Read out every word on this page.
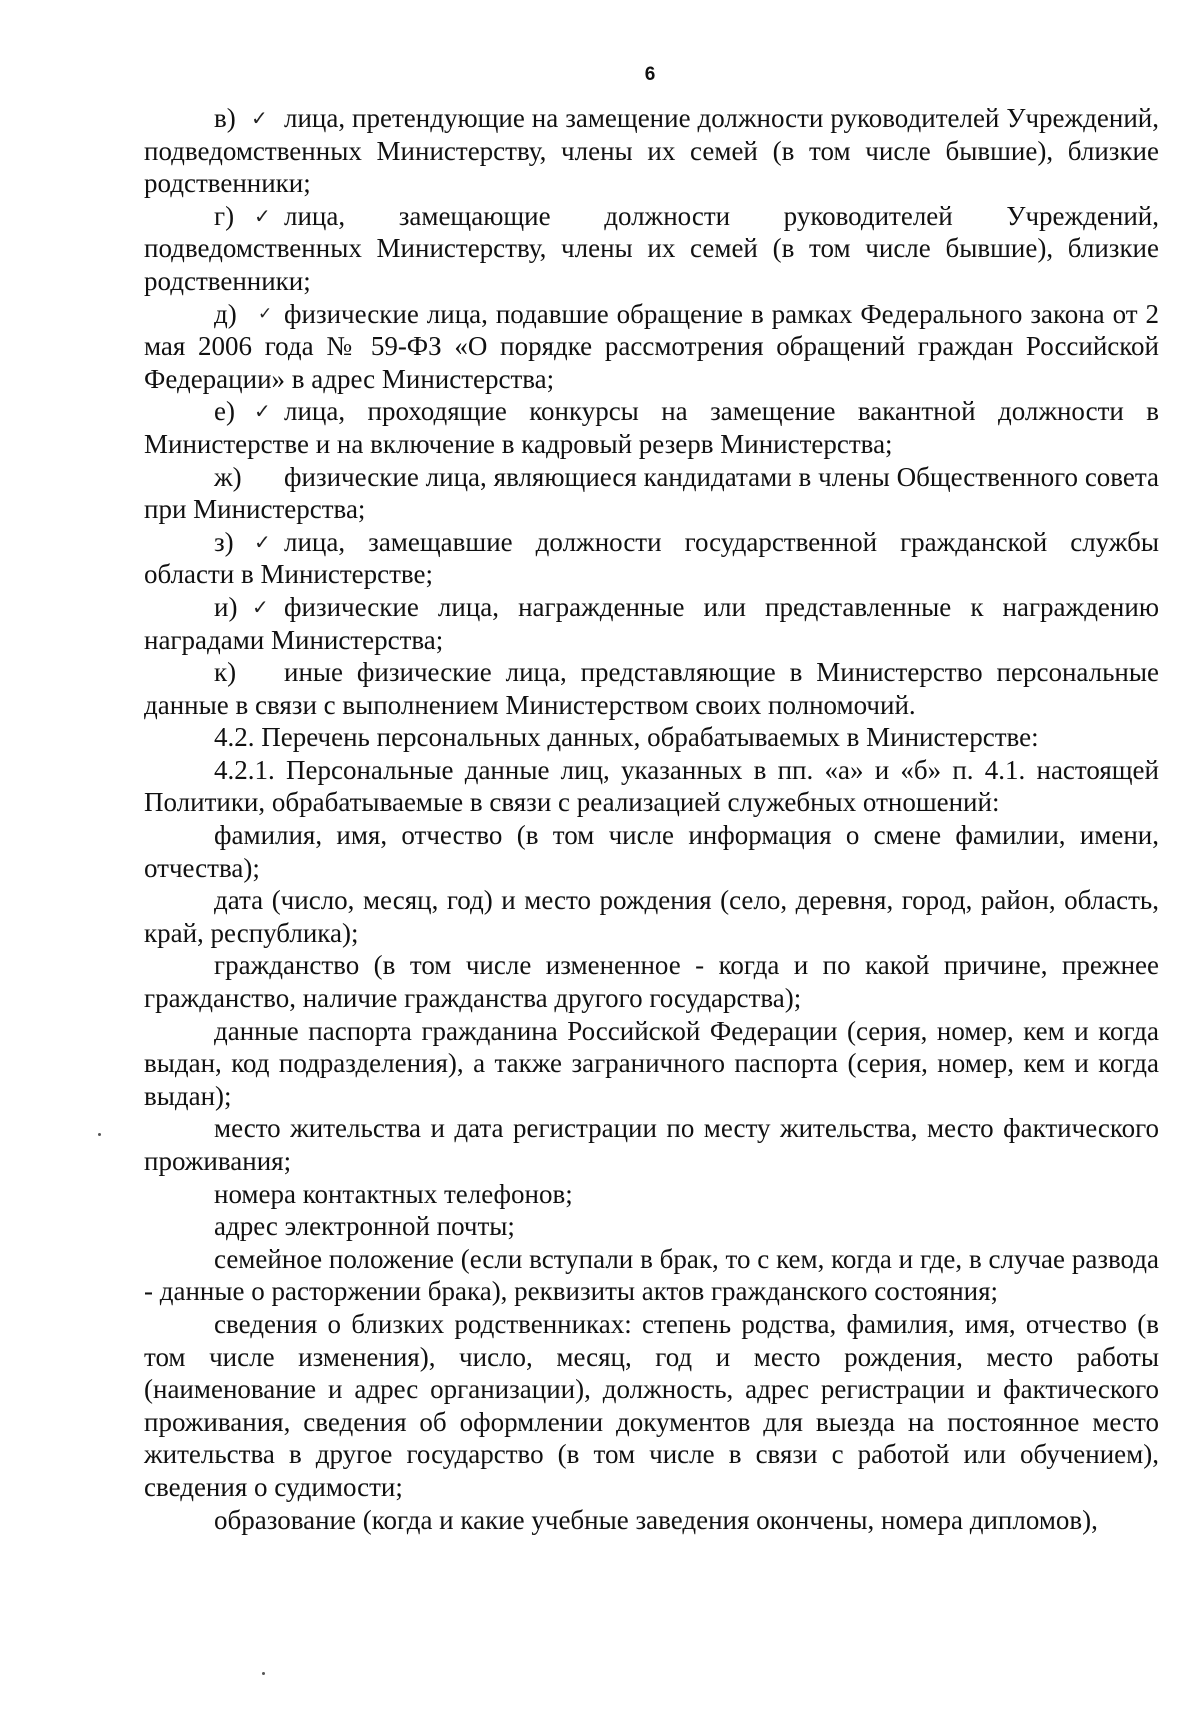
6

✓
в) лица, претендующие на замещение должности руководителей Учреждений, подведомственных Министерству, члены их семей (в том числе бывшие), близкие родственники;

✓
г) лица, замещающие должности руководителей Учреждений, подведомственных Министерству, члены их семей (в том числе бывшие), близкие родственники;

✓
д) физические лица, подавшие обращение в рамках Федерального закона от 2 мая 2006 года № 59-ФЗ «О порядке рассмотрения обращений граждан Российской Федерации» в адрес Министерства;

✓
е) лица, проходящие конкурсы на замещение вакантной должности в Министерстве и на включение в кадровый резерв Министерства;

ж) физические лица, являющиеся кандидатами в члены Общественного совета при Министерства;

✓
з) лица, замещавшие должности государственной гражданской службы области в Министерстве;

✓
и) физические лица, награжденные или представленные к награждению наградами Министерства;

к) иные физические лица, представляющие в Министерство персональные данные в связи с выполнением Министерством своих полномочий.

4.2. Перечень персональных данных, обрабатываемых в Министерстве:

4.2.1. Персональные данные лиц, указанных в пп. «а» и «б» п. 4.1. настоящей Политики, обрабатываемые в связи с реализацией служебных отношений:

фамилия, имя, отчество (в том числе информация о смене фамилии, имени, отчества);

дата (число, месяц, год) и место рождения (село, деревня, город, район, область, край, республика);

гражданство (в том числе измененное - когда и по какой причине, прежнее гражданство, наличие гражданства другого государства);

данные паспорта гражданина Российской Федерации (серия, номер, кем и когда выдан, код подразделения), а также заграничного паспорта (серия, номер, кем и когда выдан);

место жительства и дата регистрации по месту жительства, место фактического проживания;

номера контактных телефонов;

адрес электронной почты;

семейное положение (если вступали в брак, то с кем, когда и где, в случае развода - данные о расторжении брака), реквизиты актов гражданского состояния;

сведения о близких родственниках: степень родства, фамилия, имя, отчество (в том числе изменения), число, месяц, год и место рождения, место работы (наименование и адрес организации), должность, адрес регистрации и фактического проживания, сведения об оформлении документов для выезда на постоянное место жительства в другое государство (в том числе в связи с работой или обучением), сведения о судимости;

образование (когда и какие учебные заведения окончены, номера дипломов),
